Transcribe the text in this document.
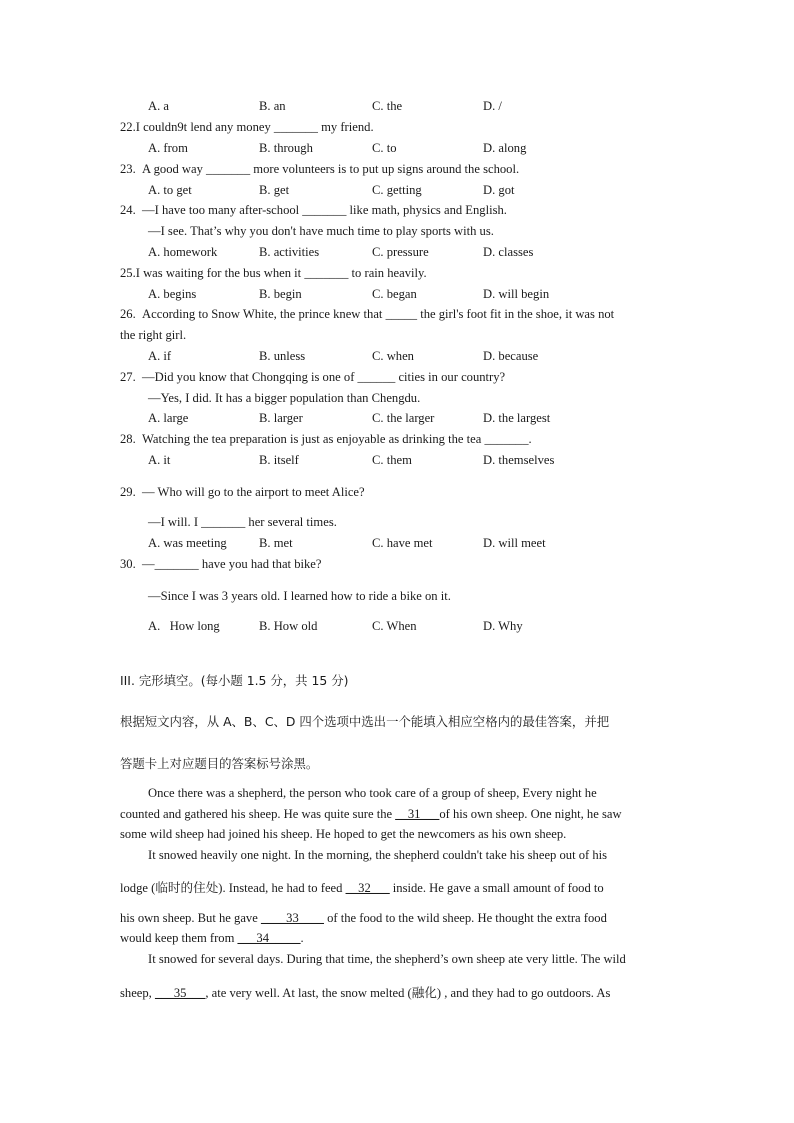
A. a	B. an	C. the	D. /
22.I couldn9t lend any money _______ my friend.
A. from	B. through	C. to	D. along
23. A good way _______ more volunteers is to put up signs around the school.
A. to get	B. get	C. getting	D. got
24. —I have too many after-school _______ like math, physics and English.
—I see. That’s why you don't have much time to play sports with us.
A. homework	B. activities	C. pressure	D. classes
25.I was waiting for the bus when it _______ to rain heavily.
A. begins	B. begin	C. began	D. will begin
26. According to Snow White, the prince knew that _____ the girl's foot fit in the shoe, it was not
the right girl.
A. if	B. unless	C. when	D. because
27. —Did you know that Chongqing is one of ______ cities in our country?
—Yes, I did. It has a bigger population than Chengdu.
A. large	B. larger	C. the larger	D. the largest
28. Watching the tea preparation is just as enjoyable as drinking the tea _______.
A. it	B. itself	C. them	D. themselves
29. — Who will go to the airport to meet Alice?
—I will. I _______ her several times.
A. was meeting	B. met	C. have met	D. will meet
30. —_______ have you had that bike?
—Since I was 3 years old. I learned how to ride a bike on it.
A.   How long	B. How old	C. When	D. Why
III. 完形填空。(每小题 1.5 分，共 15 分)
根据短文内容，从 A、B、C、D 四个选项中选出一个能填入相应空格内的最佳答案，并把
答题卡上对应题目的答案标号涂黑。
Once there was a shepherd, the person who took care of a group of sheep, Every night he
counted and gathered his sheep. He was quite sure the __31___of his own sheep. One night, he saw
some wild sheep had joined his sheep. He hoped to get the newcomers as his own sheep.
It snowed heavily one night. In the morning, the shepherd couldn't take his sheep out of his
lodge (临时的住处). Instead, he had to feed __32___ inside. He gave a small amount of food to
his own sheep. But he gave ____33____ of the food to the wild sheep. He thought the extra food
would keep them from ___34_____.
It snowed for several days. During that time, the shepherd’s own sheep ate very little. The wild
sheep, ___35___, ate very well. At last, the snow melted (融化) , and they had to go outdoors. As
